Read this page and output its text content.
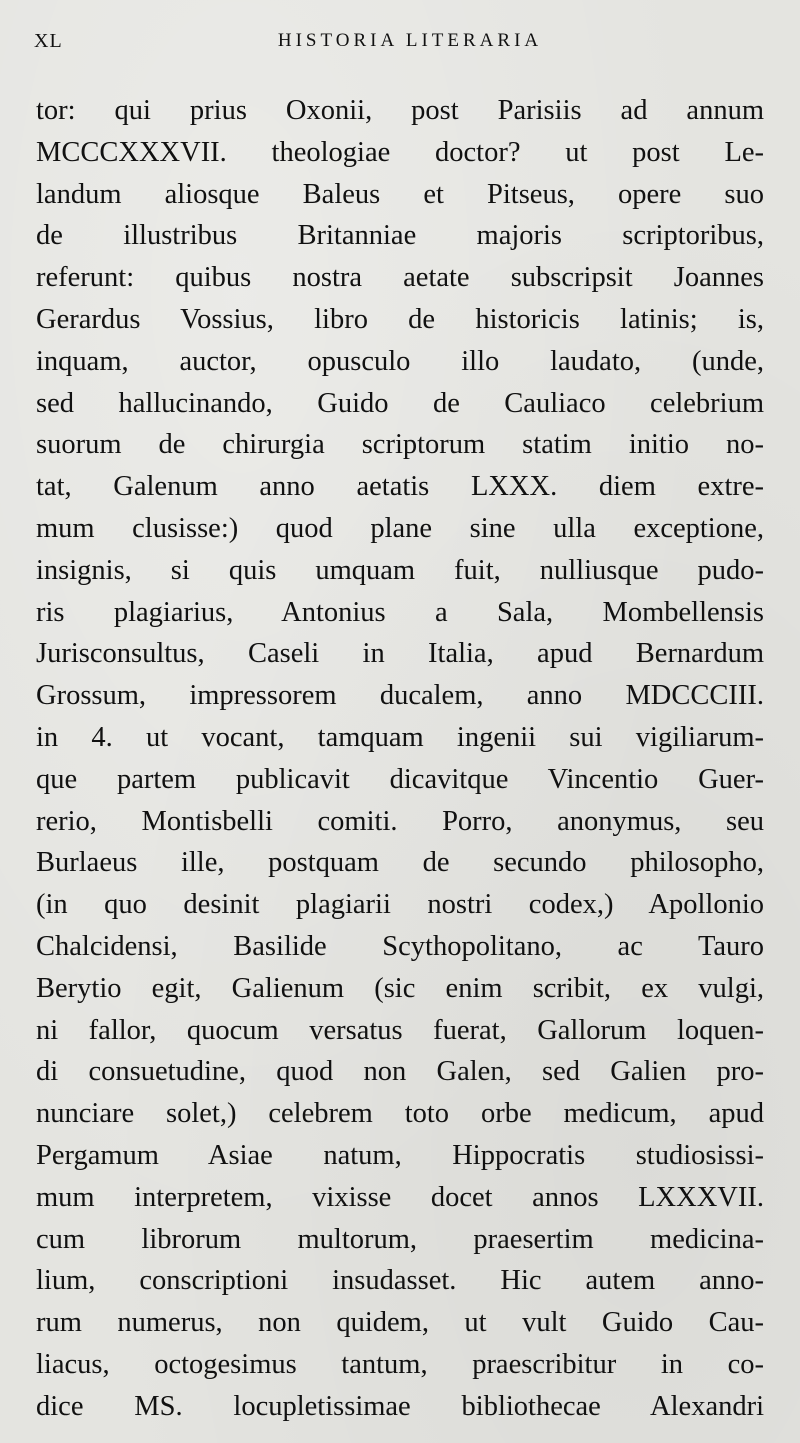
XL	HISTORIA LITERARIA
tor: qui prius Oxonii, post Parisiis ad annum
MCCCXXXVII. theologiae doctor? ut post Le-
landum aliosque Baleus et Pitseus, opere suo
de illustribus Britanniae majoris scriptoribus,
referunt: quibus nostra aetate subscripsit Joannes
Gerardus Vossius, libro de historicis latinis; is,
inquam, auctor, opusculo illo laudato, (unde,
sed hallucinando, Guido de Cauliaco celebrium
suorum de chirurgia scriptorum statim initio no-
tat, Galenum anno aetatis LXXX. diem extre-
mum clusisse:) quod plane sine ulla exceptione,
insignis, si quis umquam fuit, nulliusque pudo-
ris plagiarius, Antonius a Sala, Mombellensis
Jurisconsultus, Caseli in Italia, apud Bernardum
Grossum, impressorem ducalem, anno MDCCCIII.
in 4. ut vocant, tamquam ingenii sui vigiliarum-
que partem publicavit dicavitque Vincentio Guer-
rerio, Montisbelli comiti. Porro, anonymus, seu
Burlaeus ille, postquam de secundo philosopho,
(in quo desinit plagiarii nostri codex,) Apollonio
Chalcidensi, Basilide Scythopolitano, ac Tauro
Berytio egit, Galienum (sic enim scribit, ex vulgi,
ni fallor, quocum versatus fuerat, Gallorum loquen-
di consuetudine, quod non Galen, sed Galien pro-
nunciare solet,) celebrem toto orbe medicum, apud
Pergamum Asiae natum, Hippocratis studiosissi-
mum interpretem, vixisse docet annos LXXXVII.
cum librorum multorum, praesertim medicina-
lium, conscriptioni insudasset. Hic autem anno-
rum numerus, non quidem, ut vult Guido Cau-
liacus, octogesimus tantum, praescribitur in co-
dice MS. locupletissimae bibliothecae Alexandri
